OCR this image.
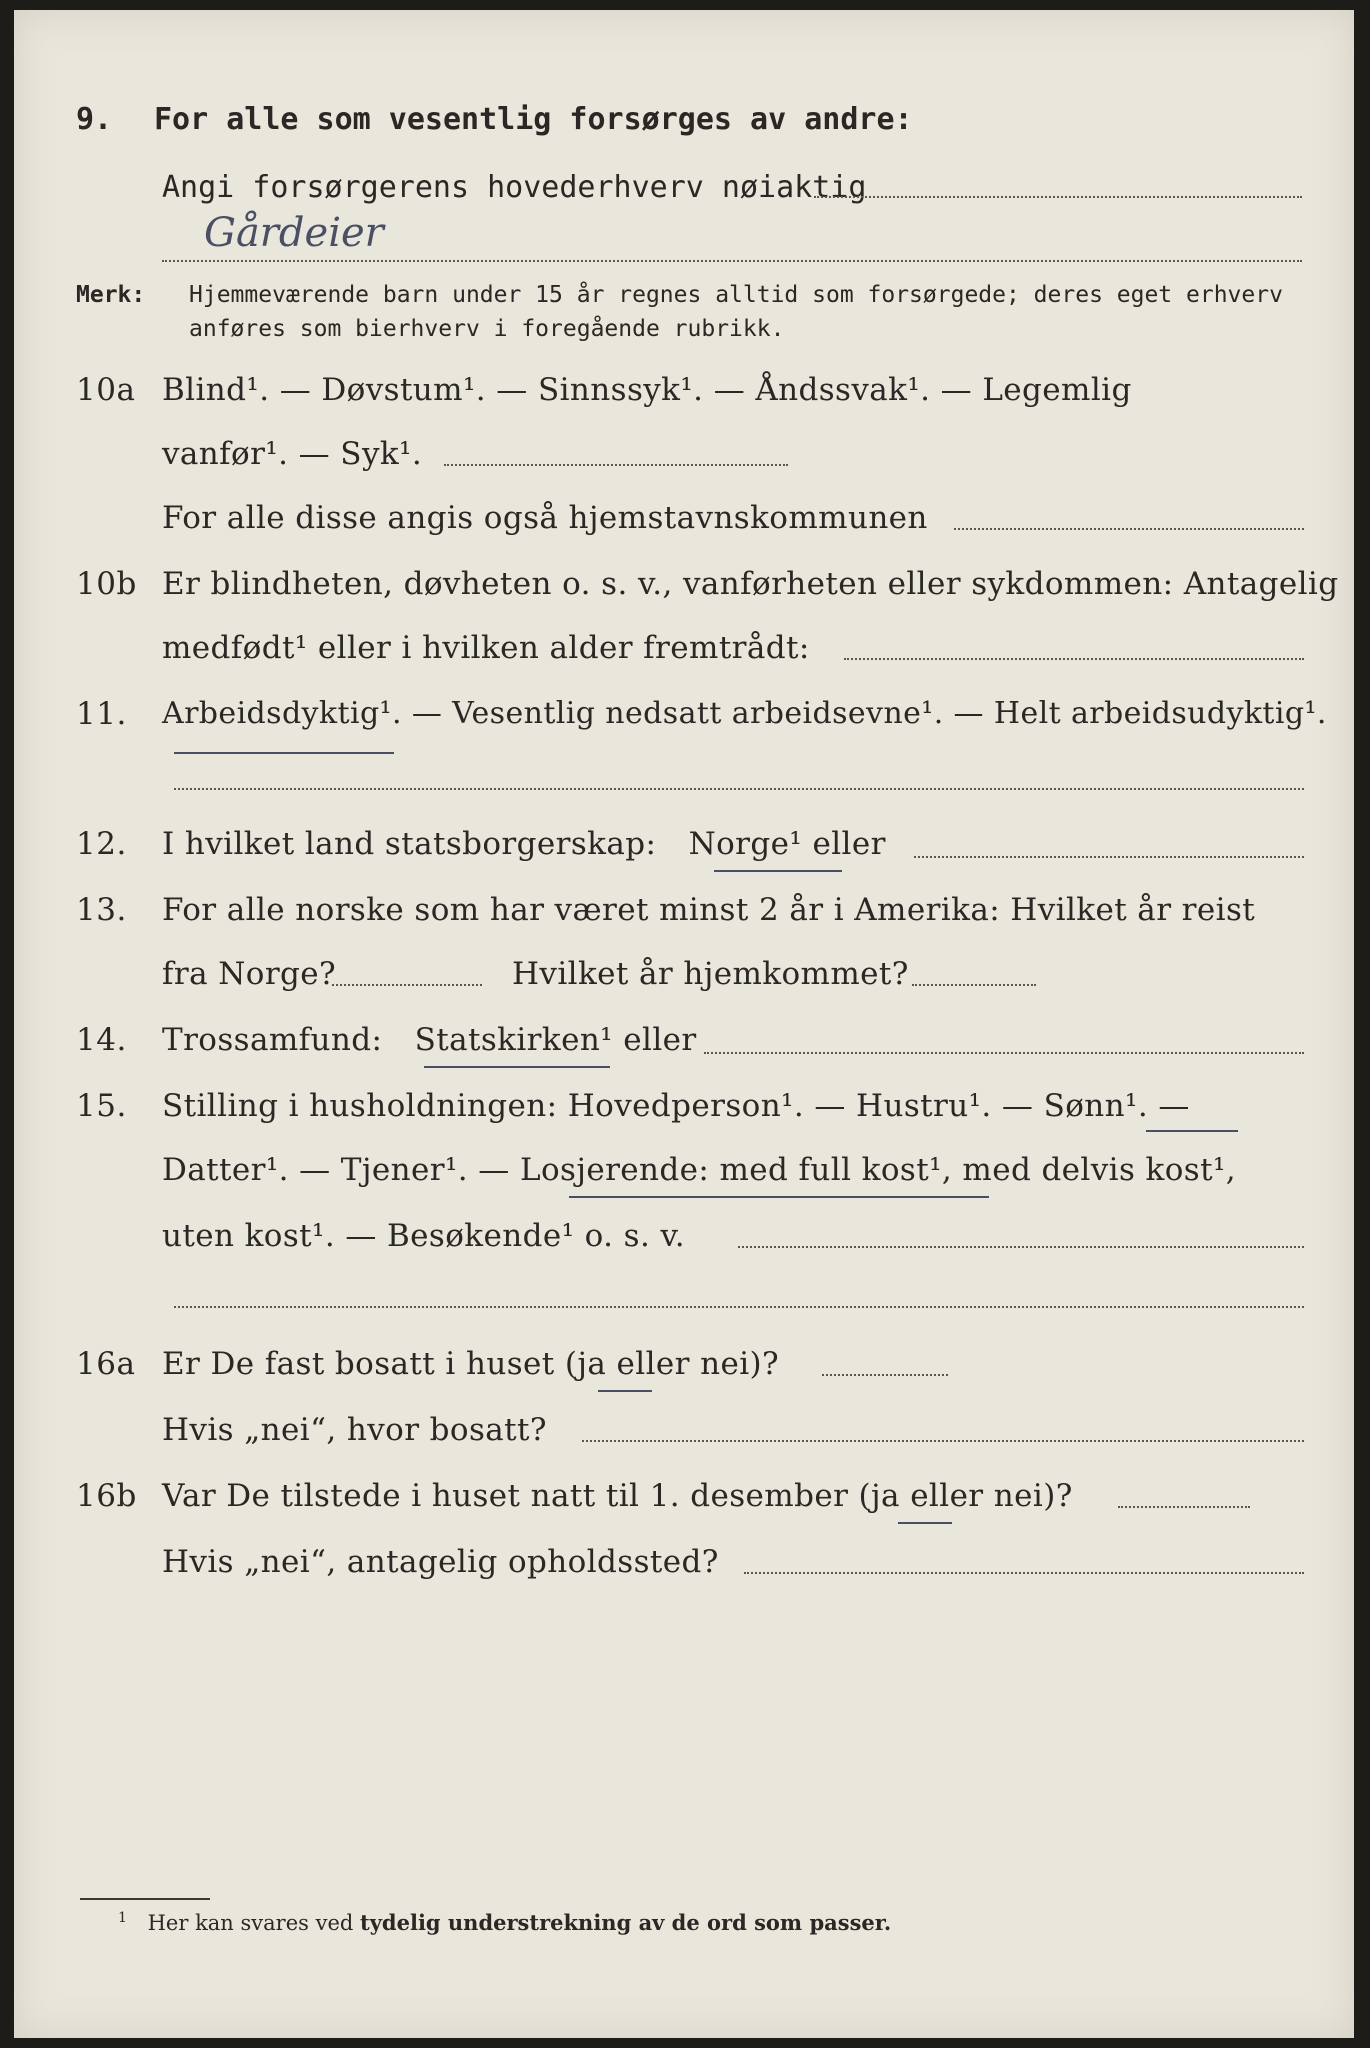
9. For alle som vesentlig forsørges av andre:
Angi forsørgerens hovederhverv nøiaktig
Gårdeier
Merk: Hjemmeværende barn under 15 år regnes alltid som forsørgede; deres eget erhverv
anføres som bierhverv i foregående rubrikk.
10a Blind¹. — Døvstum¹. — Sinnssyk¹. — Åndssvak¹. — Legemlig
vanfør¹. — Syk¹.
For alle disse angis også hjemstavnskommunen
10b Er blindheten, døvheten o. s. v., vanførheten eller sykdommen: Antagelig
medfødt¹ eller i hvilken alder fremtrådt:
11. Arbeidsdyktig¹. — Vesentlig nedsatt arbeidsevne¹. — Helt arbeidsudyktig¹.
12. I hvilket land statsborgerskap: Norge¹ eller
13. For alle norske som har været minst 2 år i Amerika: Hvilket år reist
fra Norge?	Hvilket år hjemkommet?
14. Trossamfund: Statskirken¹ eller
15. Stilling i husholdningen: Hovedperson¹. — Hustru¹. — Sønn¹. —
Datter¹. — Tjener¹. — Losjerende: med full kost¹, med delvis kost¹,
uten kost¹. — Besøkende¹ o. s. v.
16a Er De fast bosatt i huset (ja eller nei)?
Hvis „nei“, hvor bosatt?
16b Var De tilstede i huset natt til 1. desember (ja eller nei)?
Hvis „nei“, antagelig opholdssted?
$^1$ Her kan svares ved tydelig understrekning av de ord som passer.
